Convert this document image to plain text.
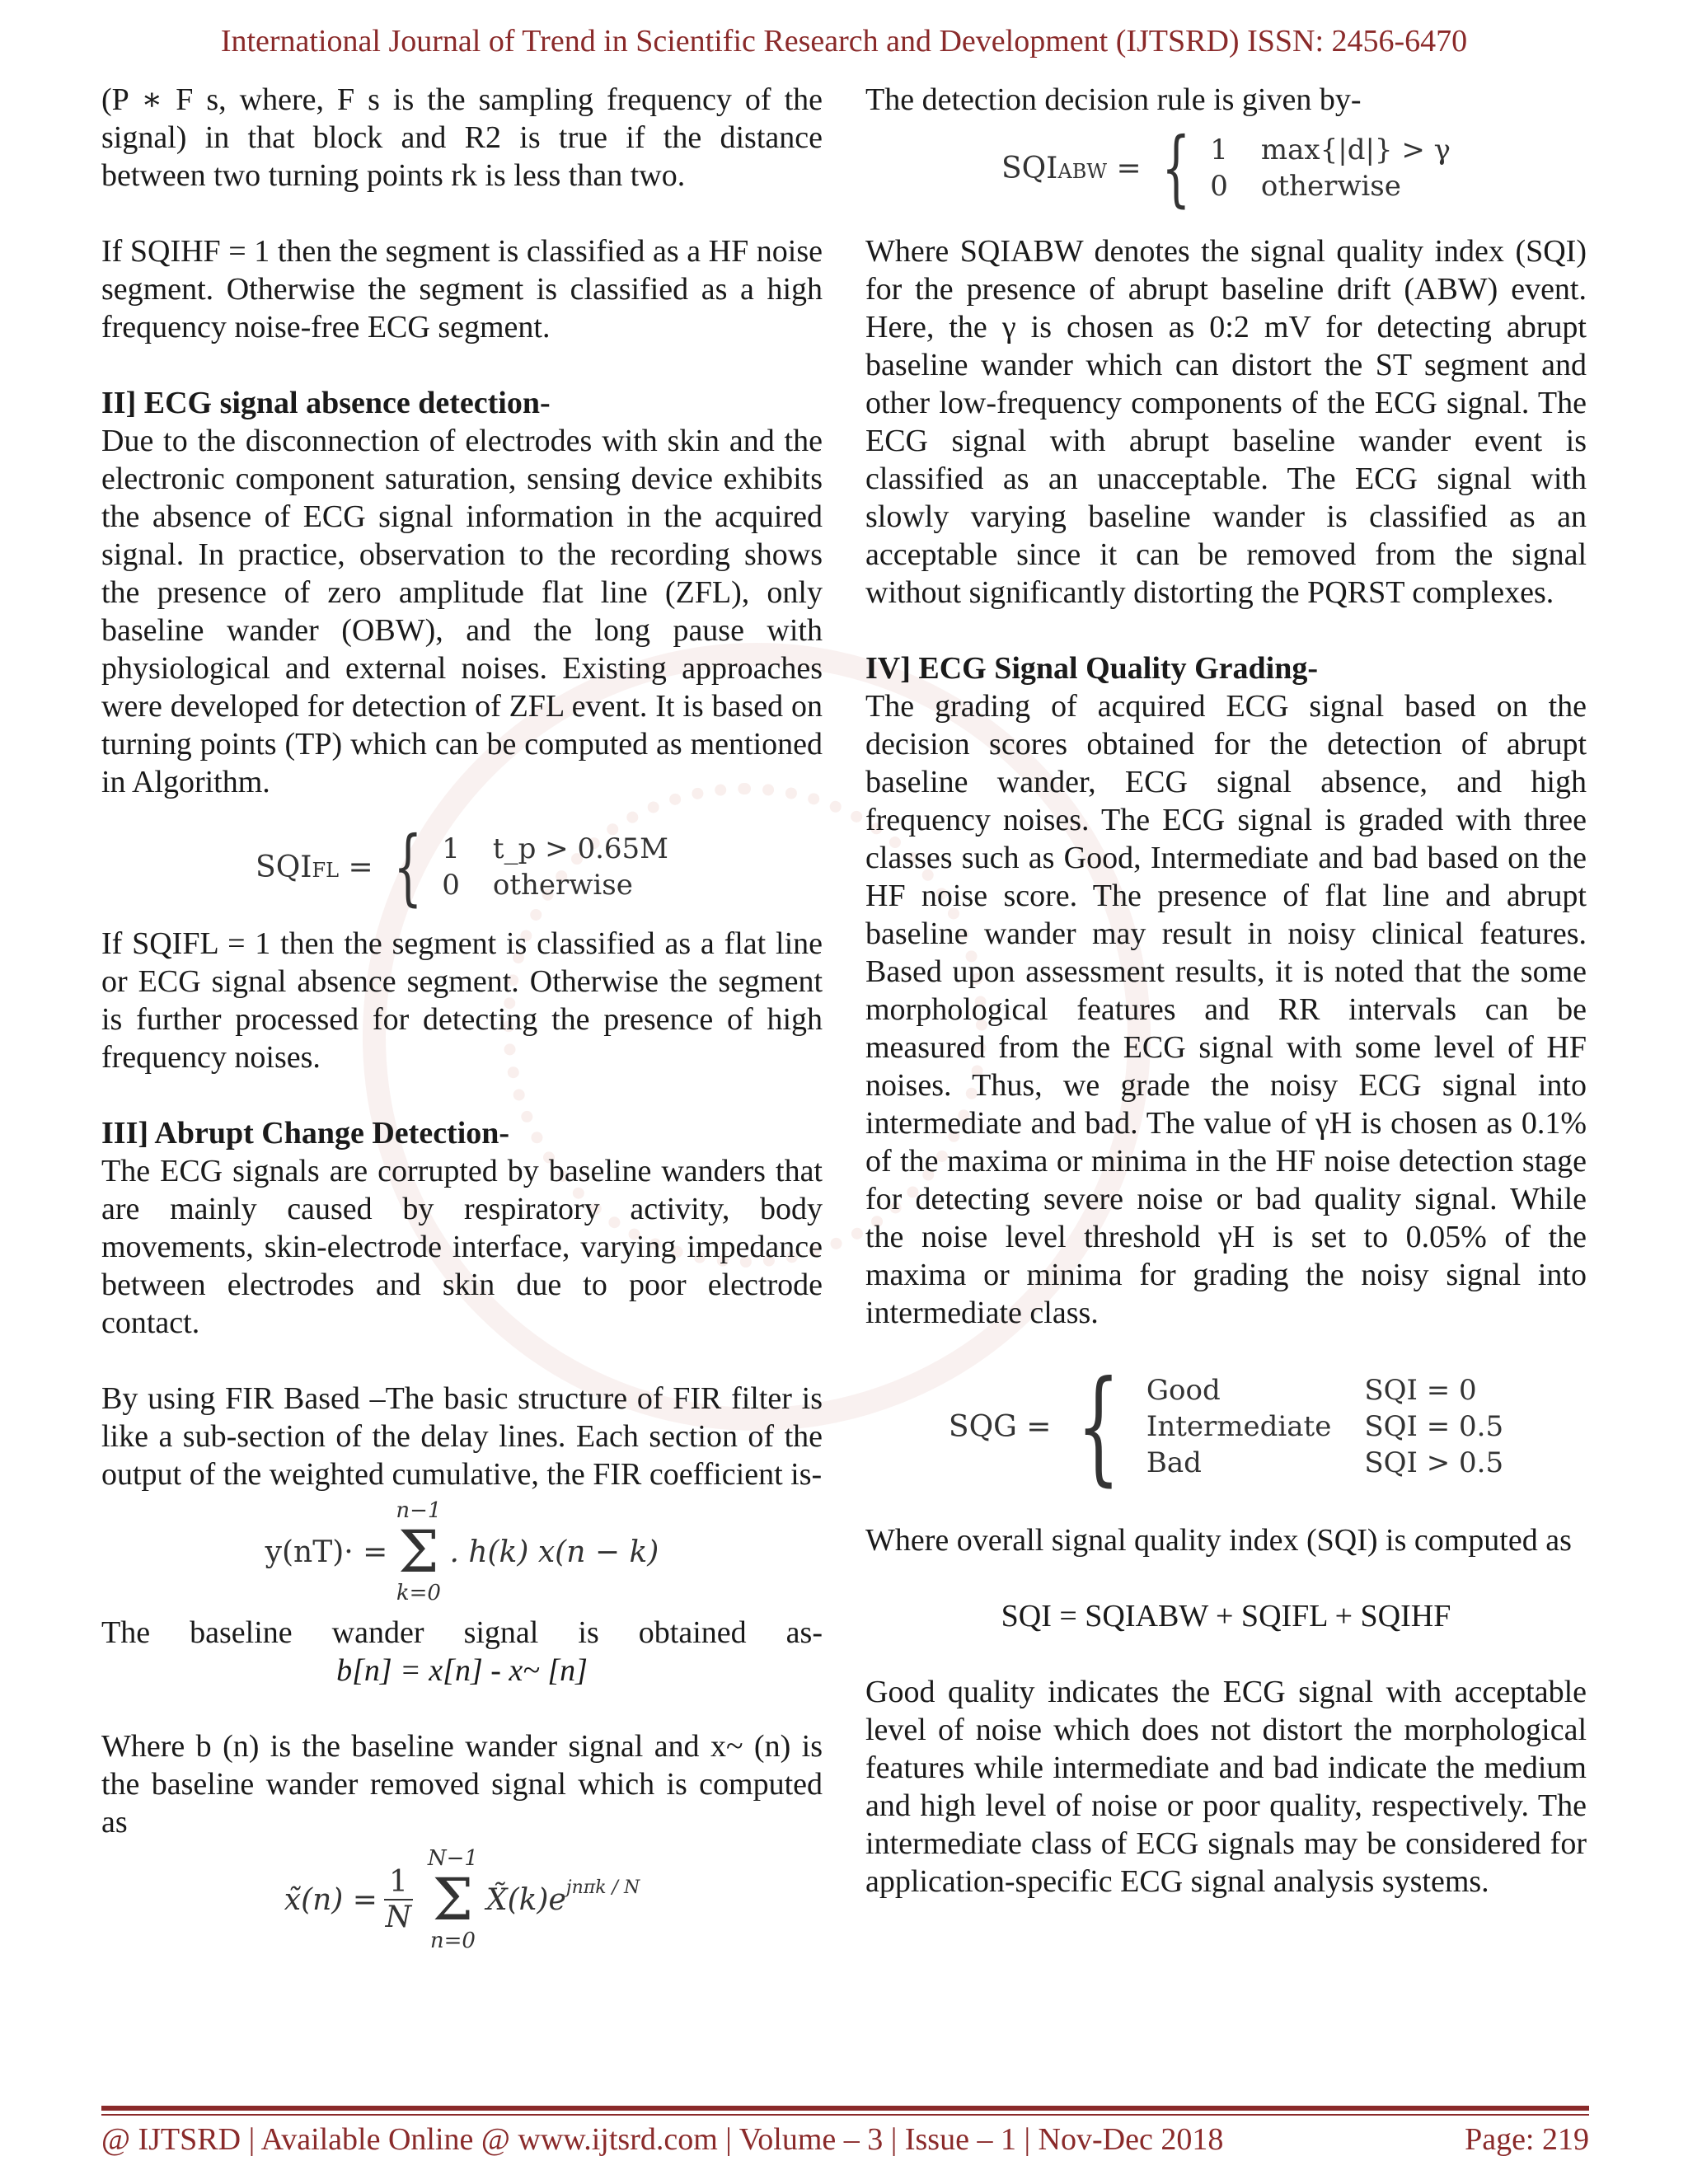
International Journal of Trend in Scientific Research and Development (IJTSRD) ISSN: 2456-6470

(P ∗ F s, where, F s is the sampling frequency of the signal) in that block and R2 is true if the distance between two turning points rk is less than two.

If SQIHF = 1 then the segment is classified as a HF noise segment. Otherwise the segment is classified as a high frequency noise-free ECG segment.

II] ECG signal absence detection-

Due to the disconnection of electrodes with skin and the electronic component saturation, sensing device exhibits the absence of ECG signal information in the acquired signal. In practice, observation to the recording shows the presence of zero amplitude flat line (ZFL), only baseline wander (OBW), and the long pause with physiological and external noises. Existing approaches were developed for detection of ZFL event. It is based on turning points (TP) which can be computed as mentioned in Algorithm.

SQIFL = { 1 t_p > 0.65M
0 otherwise

If SQIFL = 1 then the segment is classified as a flat line or ECG signal absence segment. Otherwise the segment is further processed for detecting the presence of high frequency noises.

III] Abrupt Change Detection-

The ECG signals are corrupted by baseline wanders that are mainly caused by respiratory activity, body movements, skin-electrode interface, varying impedance between electrodes and skin due to poor electrode contact.

By using FIR Based –The basic structure of FIR filter is like a sub-section of the delay lines. Each section of the output of the weighted cumulative, the FIR coefficient is-

y(nT)· =
n−1
Σ
k=0
. h(k) x(n − k)

The baseline wander signal is obtained as-

b[n] = x[n] - x~ [n]

Where b (n) is the baseline wander signal and x~ (n) is the baseline wander removed signal which is computed as

x̃(n) = $\frac{1}{N}$
N−1
Σ
n=0
$X̃(k)e^{jn\pi k / N}$

The detection decision rule is given by-

SQIABW = { 1 max{|d|} > γ
0 otherwise

Where SQIABW denotes the signal quality index (SQI) for the presence of abrupt baseline drift (ABW) event. Here, the γ is chosen as 0:2 mV for detecting abrupt baseline wander which can distort the ST segment and other low-frequency components of the ECG signal. The ECG signal with abrupt baseline wander event is classified as an unacceptable. The ECG signal with slowly varying baseline wander is classified as an acceptable since it can be removed from the signal without significantly distorting the PQRST complexes.

IV] ECG Signal Quality Grading-

The grading of acquired ECG signal based on the decision scores obtained for the detection of abrupt baseline wander, ECG signal absence, and high frequency noises. The ECG signal is graded with three classes such as Good, Intermediate and bad based on the HF noise score. The presence of flat line and abrupt baseline wander may result in noisy clinical features. Based upon assessment results, it is noted that the some morphological features and RR intervals can be measured from the ECG signal with some level of HF noises. Thus, we grade the noisy ECG signal into intermediate and bad. The value of γH is chosen as 0.1% of the maxima or minima in the HF noise detection stage for detecting severe noise or bad quality signal. While the noise level threshold γH is set to 0.05% of the maxima or minima for grading the noisy signal into intermediate class.

SQG = { Good	SQI = 0
Intermediate SQI = 0.5
Bad	SQI > 0.5

Where overall signal quality index (SQI) is computed as

SQI = SQIABW + SQIFL + SQIHF

Good quality indicates the ECG signal with acceptable level of noise which does not distort the morphological features while intermediate and bad indicate the medium and high level of noise or poor quality, respectively. The intermediate class of ECG signals may be considered for application-specific ECG signal analysis systems.

@ IJTSRD | Available Online @ www.ijtsrd.com | Volume – 3 | Issue – 1 | Nov-Dec 2018	Page: 219
